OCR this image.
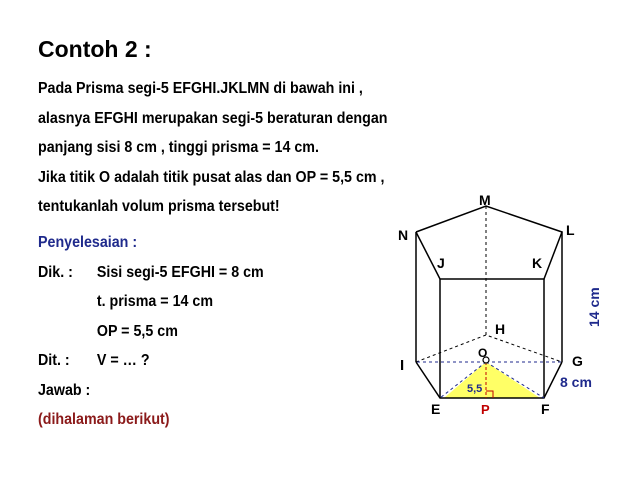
Contoh 2 :
Pada Prisma segi-5 EFGHI.JKLMN di bawah ini ,
alasnya EFGHI merupakan segi-5 beraturan dengan
panjang sisi 8 cm , tinggi prisma = 14 cm.
Jika titik O adalah titik pusat alas dan OP = 5,5 cm ,
tentukanlah volum prisma tersebut!
Penyelesaian :
Dik. : Sisi segi-5 EFGHI = 8 cm
t. prisma = 14 cm
OP = 5,5 cm
Dit. : V = … ?
Jawab :
(dihalaman berikut)
M
N	L
J	K
H
I	G
O
E	P	F
5,5	8 cm
14 cm
